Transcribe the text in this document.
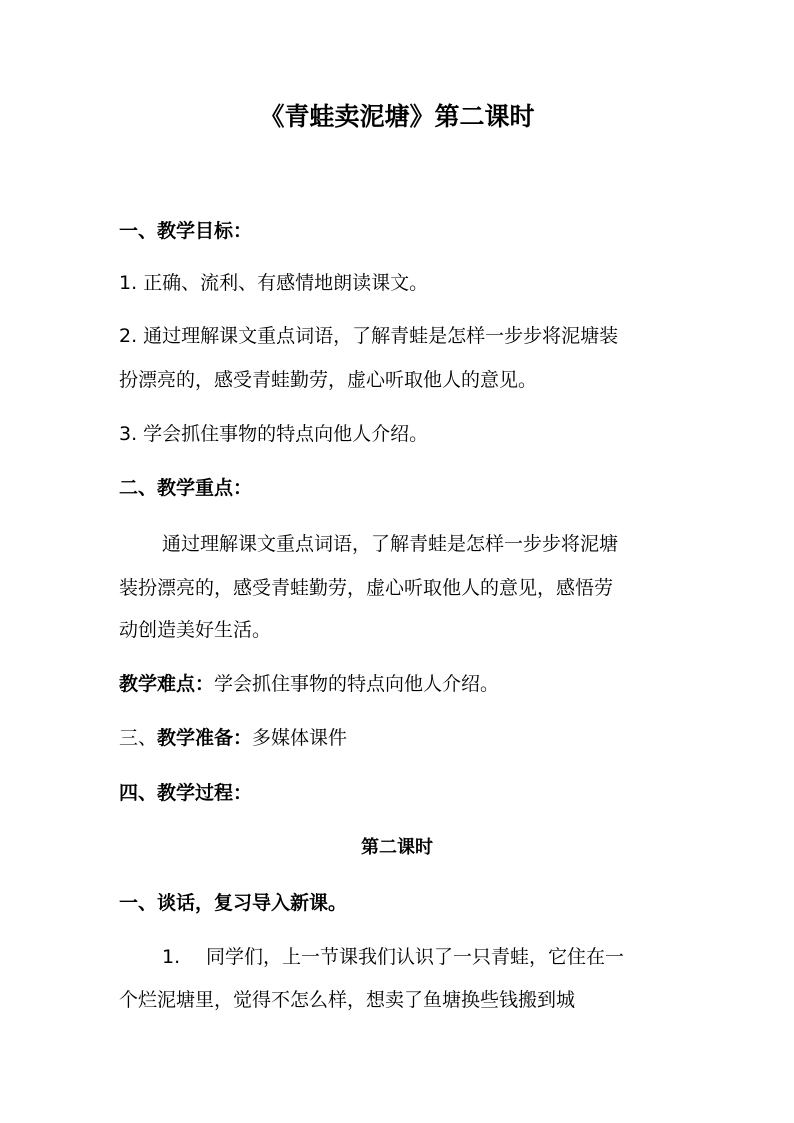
《青蛙卖泥塘》第二课时
一、教学目标：
1. 正确、流利、有感情地朗读课文。
2. 通过理解课文重点词语，了解青蛙是怎样一步步将泥塘装
扮漂亮的，感受青蛙勤劳，虚心听取他人的意见。
3. 学会抓住事物的特点向他人介绍。
二、教学重点：
通过理解课文重点词语，了解青蛙是怎样一步步将泥塘
装扮漂亮的，感受青蛙勤劳，虚心听取他人的意见，感悟劳
动创造美好生活。
教学难点：学会抓住事物的特点向他人介绍。
三、教学准备：多媒体课件
四、教学过程：
第二课时
一、谈话，复习导入新课。
1. 同学们，上一节课我们认识了一只青蛙，它住在一
个烂泥塘里，觉得不怎么样，想卖了鱼塘换些钱搬到城
